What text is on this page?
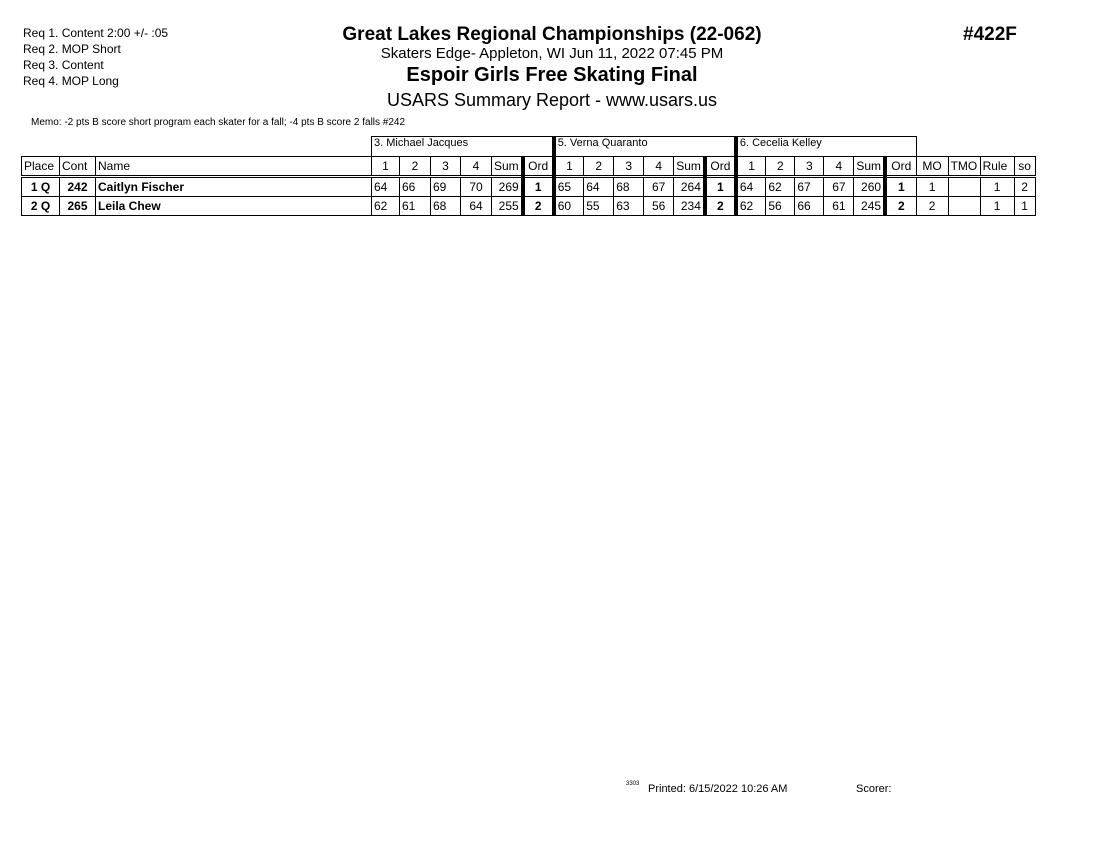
Req 1. Content 2:00 +/- :05
Req 2. MOP Short
Req 3. Content
Req 4. MOP Long
Great Lakes Regional Championships (22-062)
Skaters Edge- Appleton, WI Jun 11, 2022 07:45 PM
Espoir Girls Free Skating Final
USARS Summary Report - www.usars.us
#422F
Memo: -2 pts B score short program each skater for a fall; -4 pts B score 2 falls #242
			3. Michael Jacques						5. Verna Quaranto						6. Cecelia Kelley									
Place	Cont	Name	1	2	3	4	Sum	Ord	1	2	3	4	Sum	Ord	1	2	3	4	Sum	Ord	MO	TMO	Rule	so
1 Q	242	Caitlyn Fischer	64	66	69	70	269	1	65	64	68	67	264	1	64	62	67	67	260	1	1		1	2
2 Q	265	Leila Chew	62	61	68	64	255	2	60	55	63	56	234	2	62	56	66	61	245	2	2		1	1
3303 Printed: 6/15/2022 10:26 AM	Scorer:
